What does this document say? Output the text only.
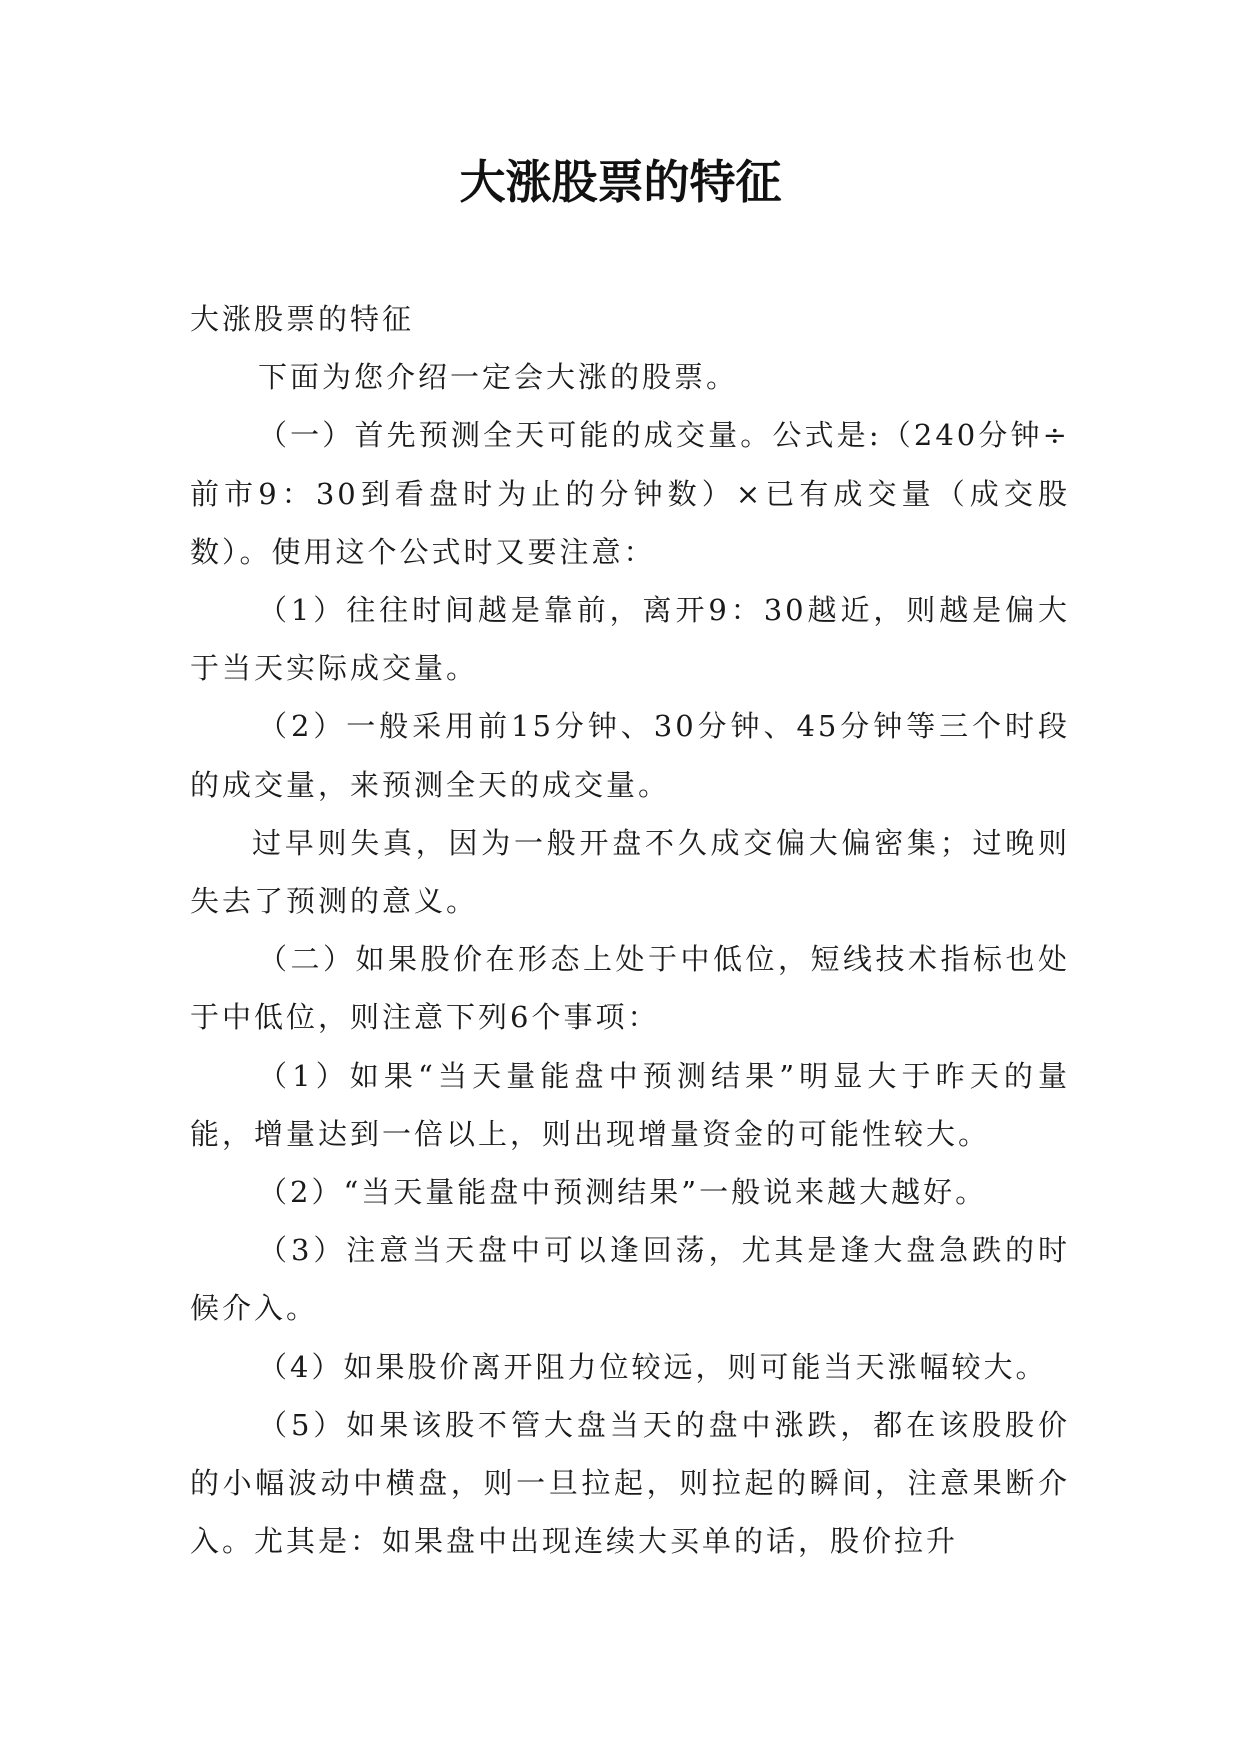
大涨股票的特征

大涨股票的特征

下面为您介绍一定会大涨的股票。

（一）首先预测全天可能的成交量。公式是:（240分钟÷前市9：30到看盘时为止的分钟数）×已有成交量（成交股数）。使用这个公式时又要注意：

（1）往往时间越是靠前，离开9：30越近，则越是偏大于当天实际成交量。

（2）一般采用前15分钟、30分钟、45分钟等三个时段的成交量，来预测全天的成交量。

过早则失真，因为一般开盘不久成交偏大偏密集；过晚则失去了预测的意义。

（二）如果股价在形态上处于中低位，短线技术指标也处于中低位，则注意下列6个事项：

（1）如果“当天量能盘中预测结果”明显大于昨天的量能，增量达到一倍以上，则出现增量资金的可能性较大。

（2）“当天量能盘中预测结果”一般说来越大越好。

（3）注意当天盘中可以逢回荡，尤其是逢大盘急跌的时候介入。

（4）如果股价离开阻力位较远，则可能当天涨幅较大。

（5）如果该股不管大盘当天的盘中涨跌，都在该股股价的小幅波动中横盘，则一旦拉起，则拉起的瞬间，注意果断介入。尤其是：如果盘中出现连续大买单的话，股价拉升
